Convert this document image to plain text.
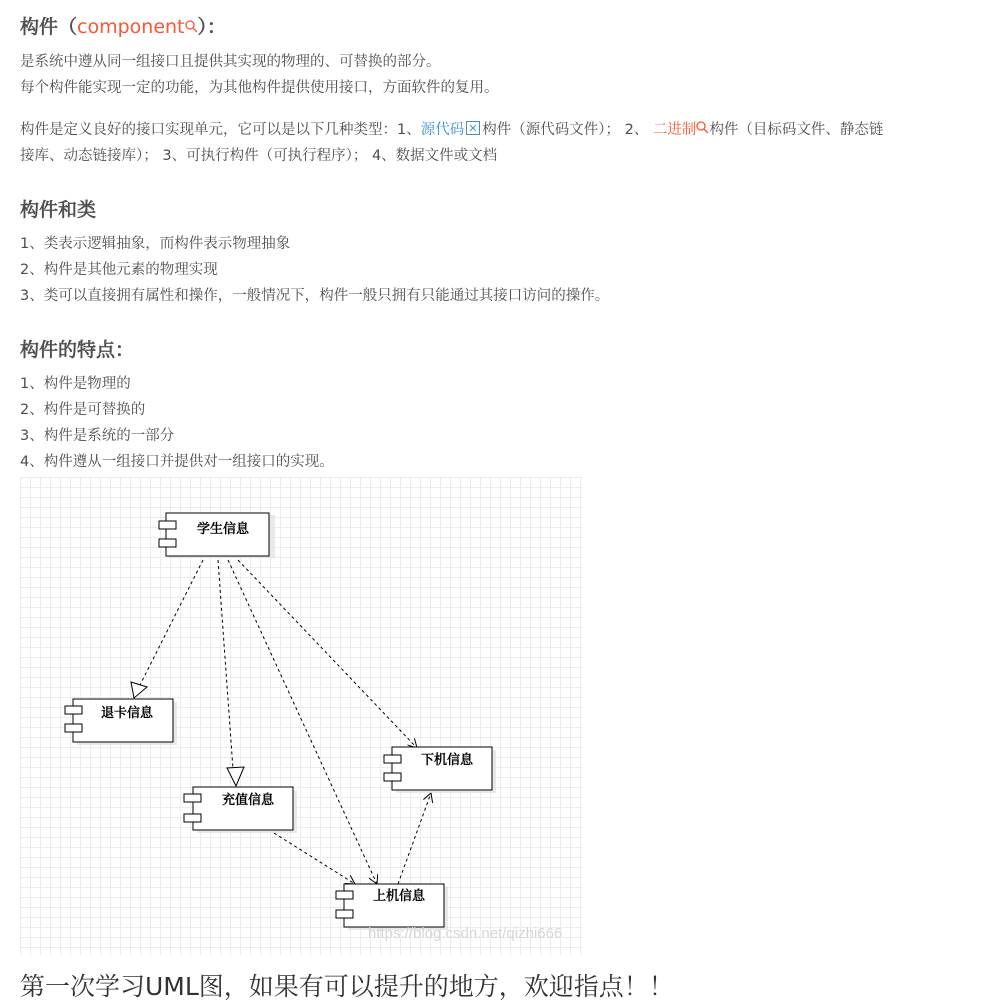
构件（component ）：

是系统中遵从同一组接口且提供其实现的物理的、可替换的部分。

每个构件能实现一定的功能，为其他构件提供使用接口，方面软件的复用。

构件是定义良好的接口实现单元，它可以是以下几种类型：1、源代码 构件（源代码文件）； 2、 二进制 构件（目标码文件、静态链

接库、动态链接库）； 3、可执行构件（可执行程序）； 4、数据文件或文档

构件和类

1、类表示逻辑抽象，而构件表示物理抽象

2、构件是其他元素的物理实现

3、类可以直接拥有属性和操作，一般情况下，构件一般只拥有只能通过其接口访问的操作。

构件的特点：

1、构件是物理的

2、构件是可替换的

3、构件是系统的一部分

4、构件遵从一组接口并提供对一组接口的实现。

学生信息
退卡信息
充值信息
下机信息
上机信息
https://blog.csdn.net/qizhi666
第一次学习UML图，如果有可以提升的地方，欢迎指点！！
